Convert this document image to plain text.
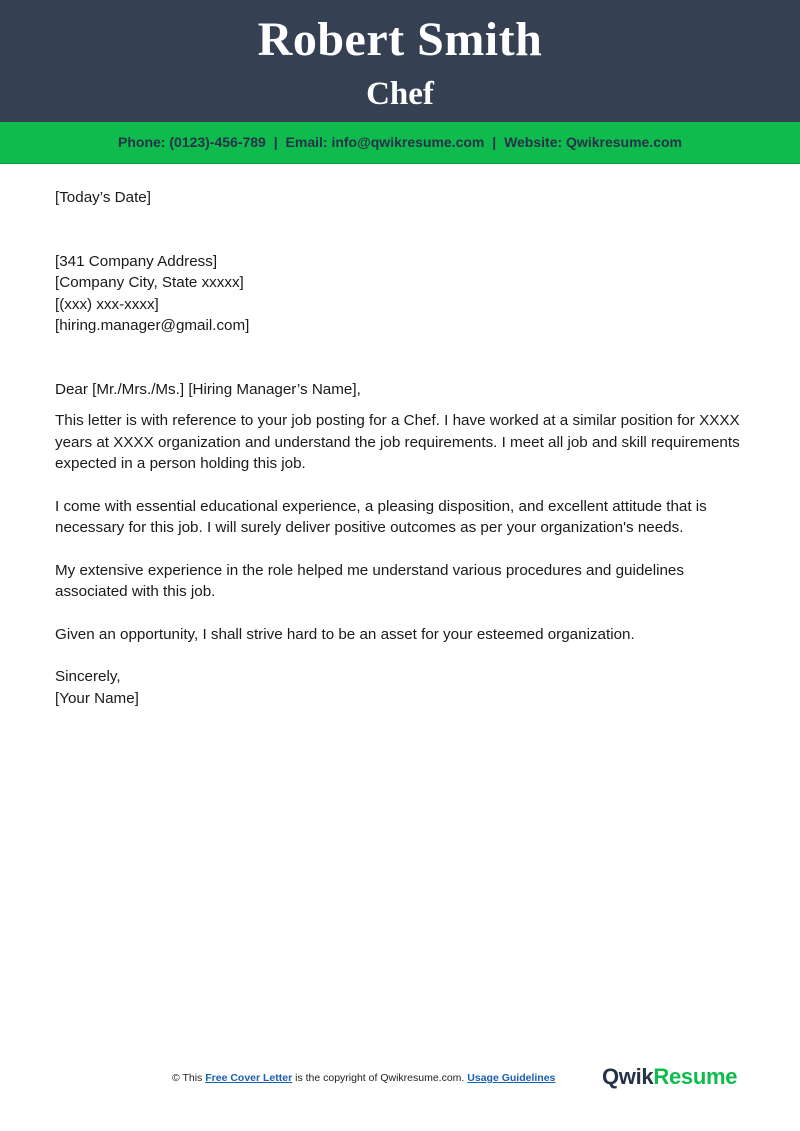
Robert Smith
Chef
Phone: (0123)-456-789 | Email: info@qwikresume.com | Website: Qwikresume.com

[Today’s Date]

[341 Company Address]

[Company City, State xxxxx]

[(xxx) xxx-xxxx]

[hiring.manager@gmail.com]

Dear [Mr./Mrs./Ms.] [Hiring Manager’s Name],

This letter is with reference to your job posting for a Chef. I have worked at a similar position for XXXX years at XXXX organization and understand the job requirements. I meet all job and skill requirements expected in a person holding this job.

I come with essential educational experience, a pleasing disposition, and excellent attitude that is necessary for this job. I will surely deliver positive outcomes as per your organization's needs.

My extensive experience in the role helped me understand various procedures and guidelines associated with this job.

Given an opportunity, I shall strive hard to be an asset for your esteemed organization.

Sincerely,

[Your Name]

© This Free Cover Letter is the copyright of Qwikresume.com. Usage Guidelines QwikResume
